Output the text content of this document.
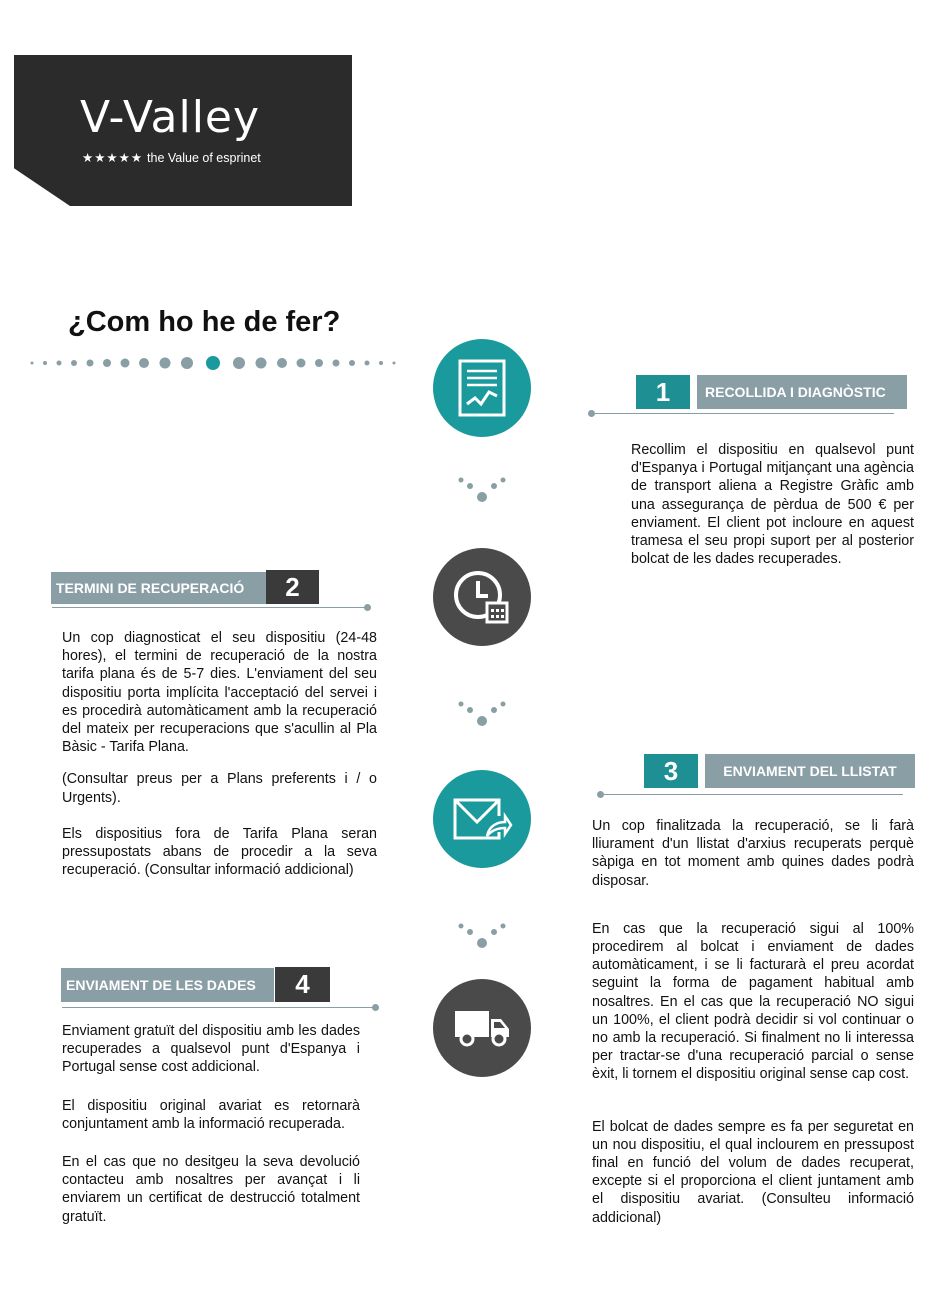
V-Valley
★★★★★ the Value of esprinet
¿Com ho he de fer?
1	RECOLLIDA I DIAGNÒSTIC

Recollim el dispositiu en qualsevol punt d'Espanya i Portugal mitjançant una agència de transport aliena a Registre Gràfic amb una assegurança de pèrdua de 500 € per enviament. El client pot incloure en aquest tramesa el seu propi suport per al posterior bolcat de les dades recuperades.

TERMINI DE RECUPERACIÓ	2

Un cop diagnosticat el seu dispositiu (24-48 hores), el termini de recuperació de la nostra tarifa plana és de 5-7 dies. L'enviament del seu dispositiu porta implícita l'acceptació del servei i es procedirà automàticament amb la recuperació del mateix per recuperacions que s'acullin al Pla Bàsic - Tarifa Plana.

(Consultar preus per a Plans preferents i / o Urgents).

Els dispositius fora de Tarifa Plana seran pressupostats abans de procedir a la seva recuperació. (Consultar informació addicional)

3	ENVIAMENT DEL LLISTAT

Un cop finalitzada la recuperació, se li farà lliurament d'un llistat d'arxius recuperats perquè sàpiga en tot moment amb quines dades podrà disposar.

En cas que la recuperació sigui al 100% procedirem al bolcat i enviament de dades automàticament, i se li facturarà el preu acordat seguint la forma de pagament habitual amb nosaltres. En el cas que la recuperació NO sigui un 100%, el client podrà decidir si vol continuar o no amb la recuperació. Si finalment no li interessa per tractar-se d'una recuperació parcial o sense èxit, li tornem el dispositiu original sense cap cost.

El bolcat de dades sempre es fa per seguretat en un nou dispositiu, el qual inclourem en pressupost final en funció del volum de dades recuperat, excepte si el proporciona el client juntament amb el dispositiu avariat. (Consulteu informació addicional)

ENVIAMENT DE LES DADES	4

Enviament gratuït del dispositiu amb les dades recuperades a qualsevol punt d'Espanya i Portugal sense cost addicional.

El dispositiu original avariat es retornarà conjuntament amb la informació recuperada.

En el cas que no desitgeu la seva devolució contacteu amb nosaltres per avançat i li enviarem un certificat de destrucció totalment gratuït.
